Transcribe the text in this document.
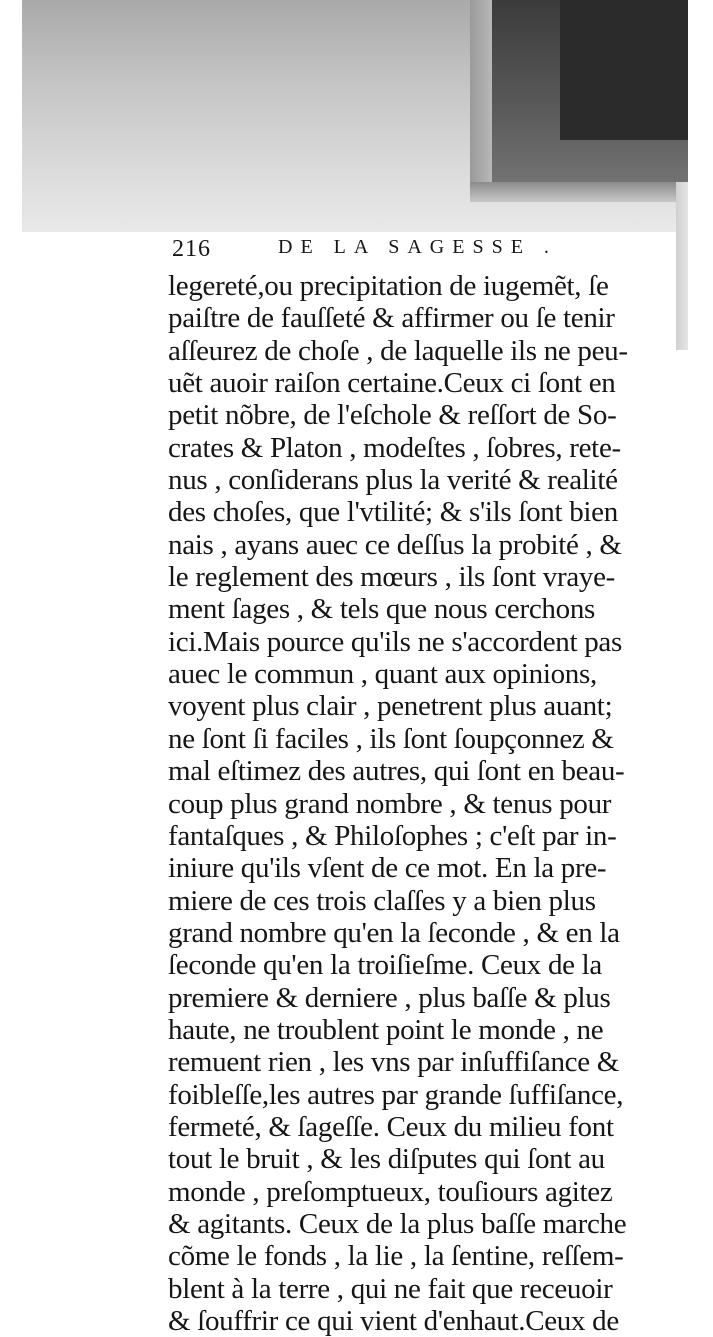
216	DE LA SAGESSE .
legereté,ou precipitation de iugemẽt, ſe
paiſtre de fauſſeté & affirmer ou ſe tenir
aſſeurez de choſe , de laquelle ils ne peu-
uẽt auoir raiſon certaine.Ceux ci ſont en
petit nõbre, de l'eſchole & reſſort de So-
crates & Platon , modeſtes , ſobres, rete-
nus , conſiderans plus la verité & realité
des choſes, que l'vtilité; & s'ils ſont bien
nais , ayans auec ce deſſus la probité , &
le reglement des mœurs , ils ſont vraye-
ment ſages , & tels que nous cerchons
ici.Mais pource qu'ils ne s'accordent pas
auec le commun , quant aux opinions,
voyent plus clair , penetrent plus auant;
ne ſont ſi faciles , ils ſont ſoupçonnez &
mal eſtimez des autres, qui ſont en beau-
coup plus grand nombre , & tenus pour
fantaſques , & Philoſophes ; c'eſt par in-
iniure qu'ils vſent de ce mot. En la pre-
miere de ces trois claſſes y a bien plus
grand nombre qu'en la ſeconde , & en la
ſeconde qu'en la troiſieſme. Ceux de la
premiere & derniere , plus baſſe & plus
haute, ne troublent point le monde , ne
remuent rien , les vns par inſuffiſance &
foibleſſe,les autres par grande ſuffiſance,
fermeté, & ſageſſe. Ceux du milieu font
tout le bruit , & les diſputes qui ſont au
monde , preſomptueux, touſiours agitez
& agitants. Ceux de la plus baſſe marche
cõme le fonds , la lie , la ſentine, reſſem-
blent à la terre , qui ne fait que receuoir
& ſouffrir ce qui vient d'enhaut.Ceux de
